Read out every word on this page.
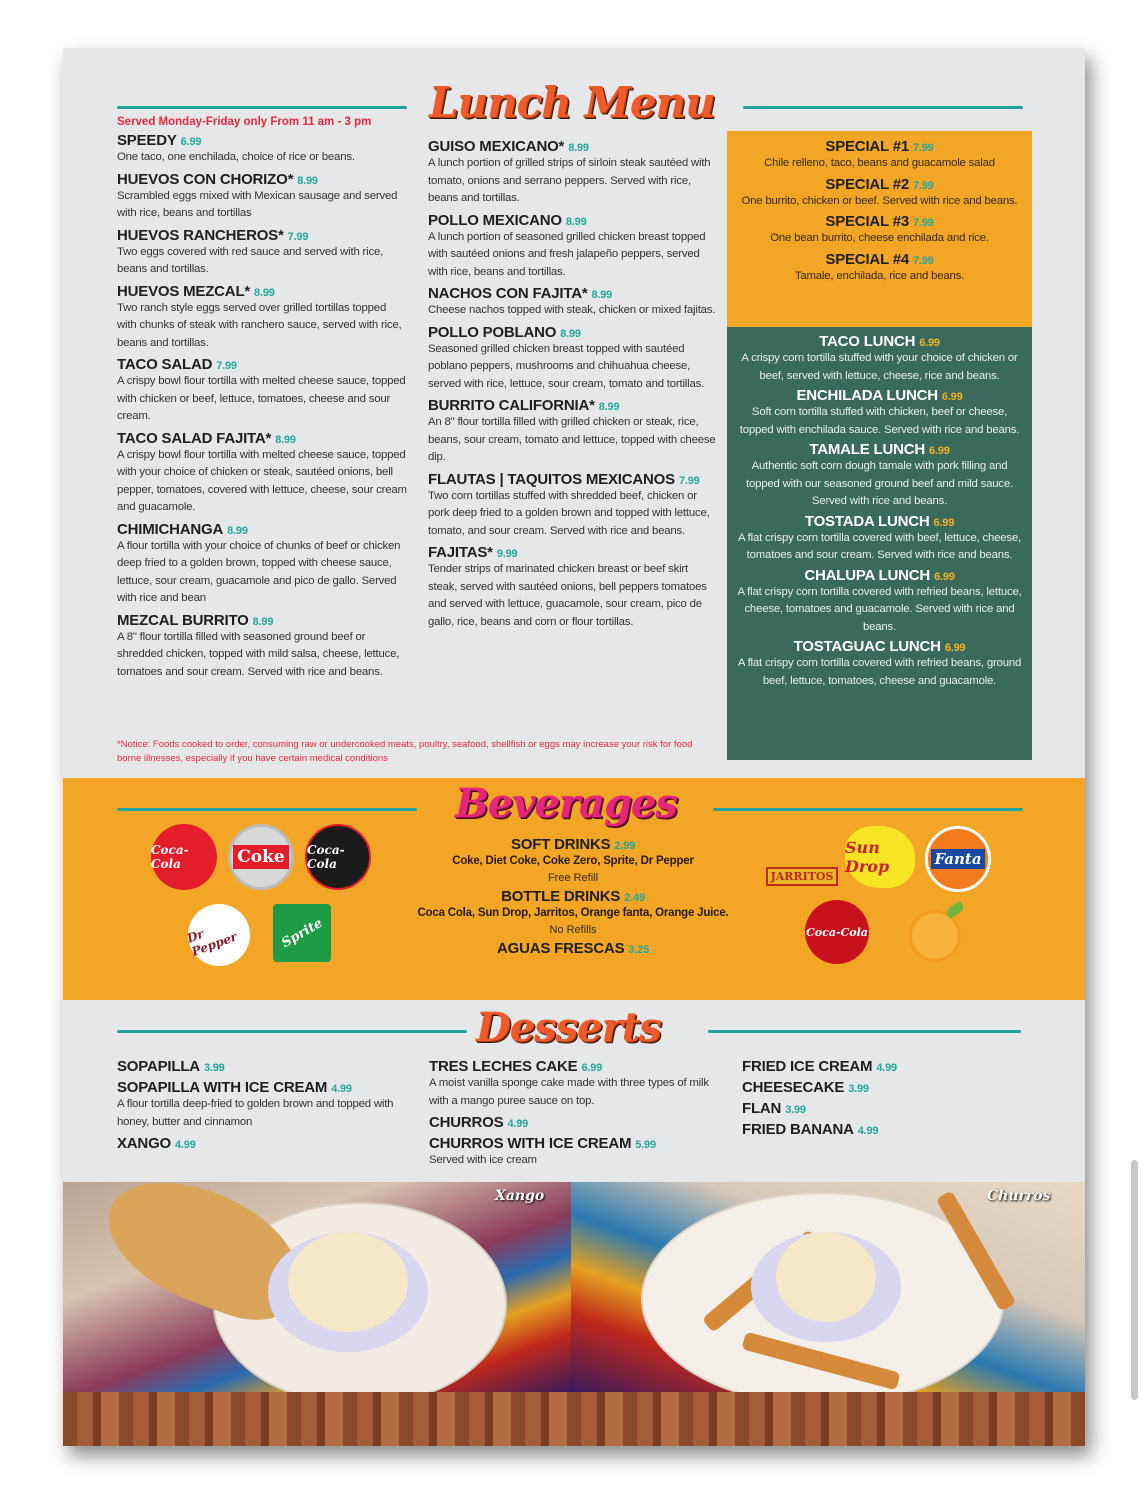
Lunch Menu
Served Monday-Friday only From 11 am - 3 pm
SPEEDY 6.99
One taco, one enchilada, choice of rice or beans.
HUEVOS CON CHORIZO* 8.99
Scrambled eggs mixed with Mexican sausage and served with rice, beans and tortillas
HUEVOS RANCHEROS* 7.99
Two eggs covered with red sauce and served with rice, beans and tortillas.
HUEVOS MEZCAL* 8.99
Two ranch style eggs served over grilled tortillas topped with chunks of steak with ranchero sauce, served with rice, beans and tortillas.
TACO SALAD 7.99
A crispy bowl flour tortilla with melted cheese sauce, topped with chicken or beef, lettuce, tomatoes, cheese and sour cream.
TACO SALAD FAJITA* 8.99
A crispy bowl flour tortilla with melted cheese sauce, topped with your choice of chicken or steak, sautéed onions, bell pepper, tomatoes, covered with lettuce, cheese, sour cream and guacamole.
CHIMICHANGA 8.99
A flour tortilla with your choice of chunks of beef or chicken deep fried to a golden brown, topped with cheese sauce, lettuce, sour cream, guacamole and pico de gallo. Served with rice and bean
MEZCAL BURRITO 8.99
A 8" flour tortilla filled with seasoned ground beef or shredded chicken, topped with mild salsa, cheese, lettuce, tomatoes and sour cream. Served with rice and beans.
GUISO MEXICANO* 8.99
A lunch portion of grilled strips of sirloin steak sautéed with tomato, onions and serrano peppers. Served with rice, beans and tortillas.
POLLO MEXICANO 8.99
A lunch portion of seasoned grilled chicken breast topped with sautéed onions and fresh jalapeño peppers, served with rice, beans and tortillas.
NACHOS CON FAJITA* 8.99
Cheese nachos topped with steak, chicken or mixed fajitas.
POLLO POBLANO 8.99
Seasoned grilled chicken breast topped with sautéed poblano peppers, mushrooms and chihuahua cheese, served with rice, lettuce, sour cream, tomato and tortillas.
BURRITO CALIFORNIA* 8.99
An 8" flour tortilla filled with grilled chicken or steak, rice, beans, sour cream, tomato and lettuce, topped with cheese dip.
FLAUTAS | TAQUITOS MEXICANOS 7.99
Two corn tortillas stuffed with shredded beef, chicken or pork deep fried to a golden brown and topped with lettuce, tomato, and sour cream. Served with rice and beans.
FAJITAS* 9.99
Tender strips of marinated chicken breast or beef skirt steak, served with sautéed onions, bell peppers tomatoes and served with lettuce, guacamole, sour cream, pico de gallo, rice, beans and corn or flour tortillas.
SPECIAL #1 7.99
Chile relleno, taco, beans and guacamole salad
SPECIAL #2 7.99
One burrito, chicken or beef. Served with rice and beans.
SPECIAL #3 7.99
One bean burrito, cheese enchilada and rice.
SPECIAL #4 7.99
Tamale, enchilada, rice and beans.
TACO LUNCH 6.99
A crispy corn tortilla stuffed with your choice of chicken or beef, served with lettuce, cheese, rice and beans.
ENCHILADA LUNCH 6.99
Soft corn tortilla stuffed with chicken, beef or cheese, topped with enchilada sauce. Served with rice and beans.
TAMALE LUNCH 6.99
Authentic soft corn dough tamale with pork filling and topped with our seasoned ground beef and mild sauce. Served with rice and beans.
TOSTADA LUNCH 6.99
A flat crispy corn tortilla covered with beef, lettuce, cheese, tomatoes and sour cream. Served with rice and beans.
CHALUPA LUNCH 6.99
A flat crispy corn tortilla covered with refried beans, lettuce, cheese, tomatoes and guacamole. Served with rice and beans.
TOSTAGUAC LUNCH 6.99
A flat crispy corn tortilla covered with refried beans, ground beef, lettuce, tomatoes, cheese and guacamole.
*Notice: Foods cooked to order, consuming raw or undercooked meats, poultry, seafood, shellfish or eggs may increase your risk for food borne illnesses, especially if you have certain medical conditions
Beverages
Coca-Cola	Coke	Coca-Cola
Dr Pepper	Sprite
SOFT DRINKS 2.99
Coke, Diet Coke, Coke Zero, Sprite, Dr Pepper
Free Refill
BOTTLE DRINKS 2.49
Coca Cola, Sun Drop, Jarritos, Orange fanta, Orange Juice.
No Refills
AGUAS FRESCAS 3.25
JARRITOS
Sun Drop	Fanta
Coca-Cola
Desserts
SOPAPILLA 3.99
SOPAPILLA WITH ICE CREAM 4.99
A flour tortilla deep-fried to golden brown and topped with honey, butter and cinnamon
XANGO 4.99
TRES LECHES CAKE 6.99
A moist vanilla sponge cake made with three types of milk with a mango puree sauce on top.
CHURROS 4.99
CHURROS WITH ICE CREAM 5.99
Served with ice cream
FRIED ICE CREAM 4.99
CHEESECAKE 3.99
FLAN 3.99
FRIED BANANA 4.99
Xango	Churros
